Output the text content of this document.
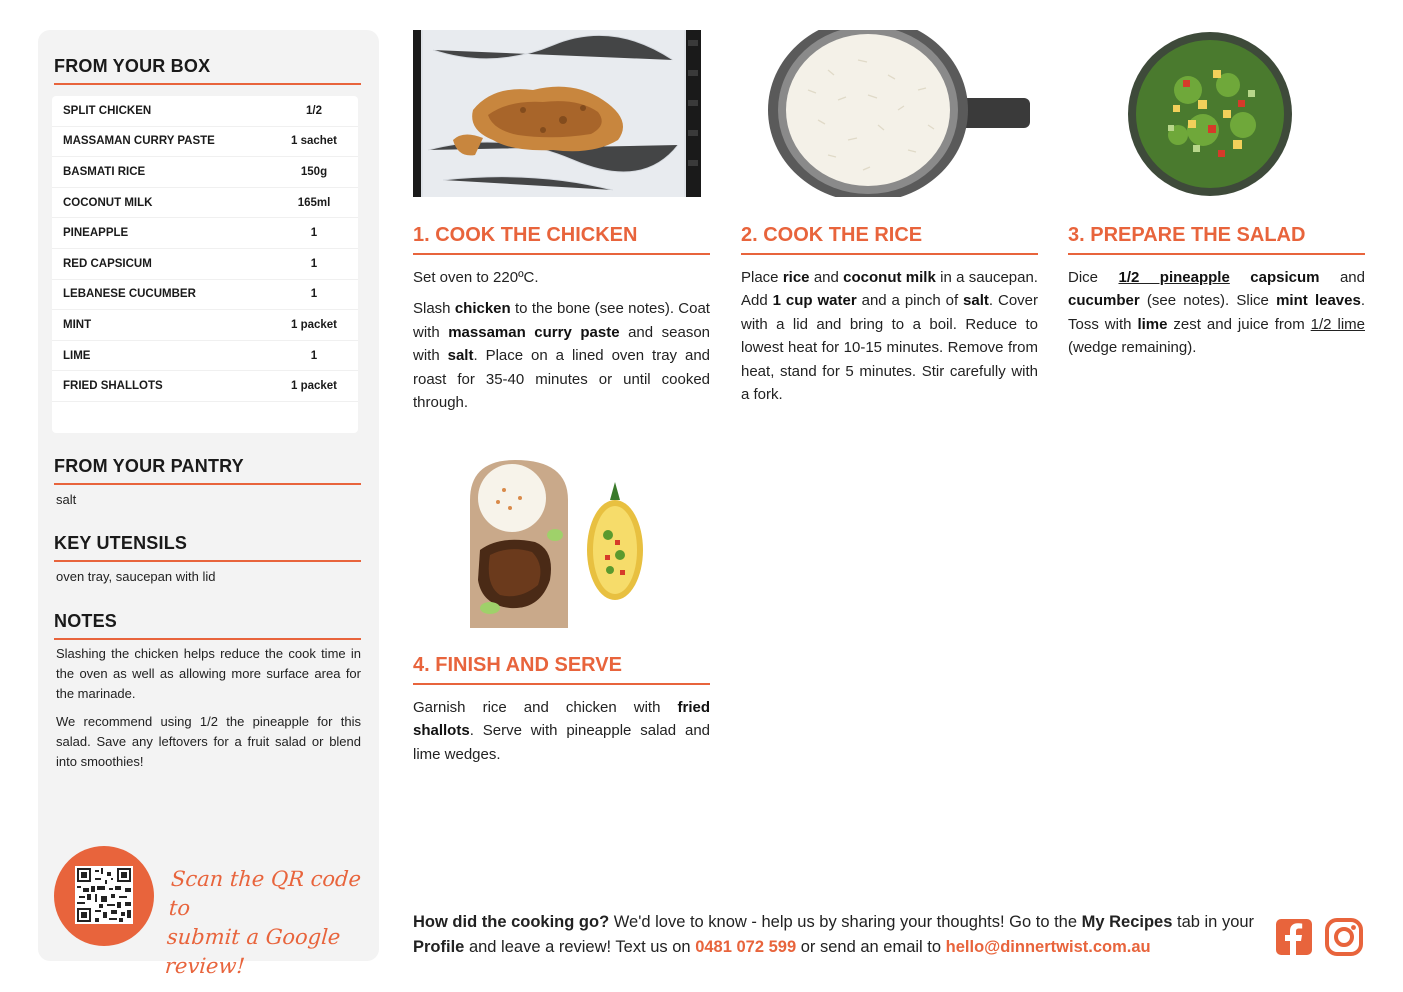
FROM YOUR BOX
SPLIT CHICKEN	1/2
MASSAMAN CURRY PASTE	1 sachet
BASMATI RICE	150g
COCONUT MILK	165ml
PINEAPPLE	1
RED CAPSICUM	1
LEBANESE CUCUMBER	1
MINT	1 packet
LIME	1
FRIED SHALLOTS	1 packet
FROM YOUR PANTRY
salt
KEY UTENSILS
oven tray, saucepan with lid
NOTES

Slashing the chicken helps reduce the cook time in the oven as well as allowing more surface area for the marinade.

We recommend using 1/2 the pineapple for this salad. Save any leftovers for a fruit salad or blend into smoothies!

Scan the QR code to
submit a Google review!
1. COOK THE CHICKEN

Set oven to 220ºC.

Slash chicken to the bone (see notes). Coat with massaman curry paste and season with salt. Place on a lined oven tray and roast for 35-40 minutes or until cooked through.

2. COOK THE RICE

Place rice and coconut milk in a saucepan. Add 1 cup water and a pinch of salt. Cover with a lid and bring to a boil. Reduce to lowest heat for 10-15 minutes. Remove from heat, stand for 5 minutes. Stir carefully with a fork.

3. PREPARE THE SALAD

Dice 1/2 pineapple capsicum and cucumber (see notes). Slice mint leaves. Toss with lime zest and juice from 1/2 lime (wedge remaining).

4. FINISH AND SERVE

Garnish rice and chicken with fried shallots. Serve with pineapple salad and lime wedges.

How did the cooking go? We'd love to know - help us by sharing your thoughts! Go to the My Recipes tab in your Profile and leave a review! Text us on 0481 072 599 or send an email to hello@dinnertwist.com.au
